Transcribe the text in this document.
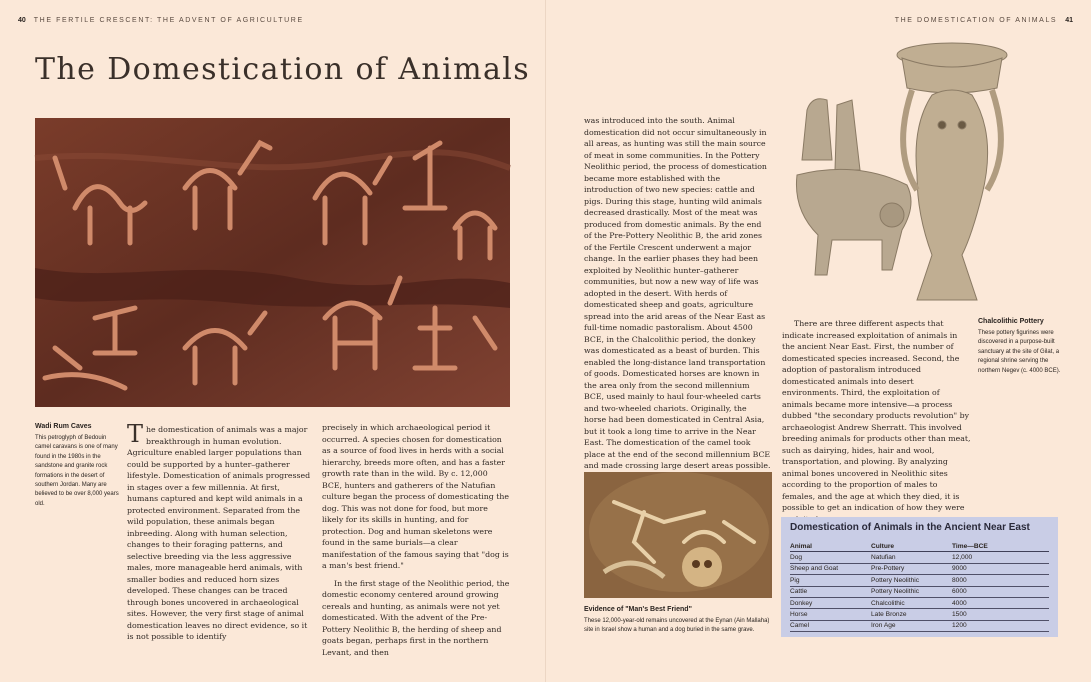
40 THE FERTILE CRESCENT: THE ADVENT OF AGRICULTURE	THE DOMESTICATION OF ANIMALS 41
The Domestication of Animals
Wadi Rum Caves
This petroglyph of Bedouin camel caravans is one of many found in the 1980s in the sandstone and granite rock formations in the desert of southern Jordan. Many are believed to be over 8,000 years old.

The domestication of animals was a major breakthrough in human evolution. Agriculture enabled larger populations than could be supported by a hunter–gatherer lifestyle. Domestication of animals progressed in stages over a few millennia. At first, humans captured and kept wild animals in a protected environment. Separated from the wild population, these animals began inbreeding. Along with human selection, changes to their foraging patterns, and selective breeding via the less aggressive males, more manageable herd animals, with smaller bodies and reduced horn sizes developed. These changes can be traced through bones uncovered in archaeological sites. However, the very first stage of animal domestication leaves no direct evidence, so it is not possible to identify

precisely in which archaeological period it occurred. A species chosen for domestication as a source of food lives in herds with a social hierarchy, breeds more often, and has a faster growth rate than in the wild. By c. 12,000 BCE, hunters and gatherers of the Natufian culture began the process of domesticating the dog. This was not done for food, but more likely for its skills in hunting, and for protection. Dog and human skeletons were found in the same burials—a clear manifestation of the famous saying that "dog is a man's best friend."

In the first stage of the Neolithic period, the domestic economy centered around growing cereals and hunting, as animals were not yet domesticated. With the advent of the Pre-Pottery Neolithic B, the herding of sheep and goats began, perhaps first in the northern Levant, and then

was introduced into the south. Animal domestication did not occur simultaneously in all areas, as hunting was still the main source of meat in some communities. In the Pottery Neolithic period, the process of domestication became more established with the introduction of two new species: cattle and pigs. During this stage, hunting wild animals decreased drastically. Most of the meat was produced from domestic animals. By the end of the Pre-Pottery Neolithic B, the arid zones of the Fertile Crescent underwent a major change. In the earlier phases they had been exploited by Neolithic hunter–gatherer communities, but now a new way of life was adopted in the desert. With herds of domesticated sheep and goats, agriculture spread into the arid areas of the Near East as full-time nomadic pastoralism. About 4500 BCE, in the Chalcolithic period, the donkey was domesticated as a beast of burden. This enabled the long-distance land transportation of goods. Domesticated horses are known in the area only from the second millennium BCE, used mainly to haul four-wheeled carts and two-wheeled chariots. Originally, the horse had been domesticated in Central Asia, but it took a long time to arrive in the Near East. The domestication of the camel took place at the end of the second millennium BCE and made crossing large desert areas possible.

Evidence of "Man's Best Friend"
These 12,000-year-old remains uncovered at the Eynan (Ain Mallaha) site in Israel show a human and a dog buried in the same grave.

There are three different aspects that indicate increased exploitation of animals in the ancient Near East. First, the number of domesticated species increased. Second, the adoption of pastoralism introduced domesticated animals into desert environments. Third, the exploitation of animals became more intensive—a process dubbed "the secondary products revolution" by archaeologist Andrew Sherratt. This involved breeding animals for products other than meat, such as dairying, hides, hair and wool, transportation, and plowing. By analyzing animal bones uncovered in Neolithic sites according to the proportion of males to females, and the age at which they died, it is possible to get an indication of how they were

Chalcolithic Pottery
These pottery figurines were discovered in a purpose-built sanctuary at the site of Gilat, a regional shrine serving the northern Negev (c. 4000 BCE).
Domestication of Animals in the Ancient Near East
Animal	Culture	Time—BCE
Dog	Natufian	12,000
Sheep and Goat	Pre-Pottery	9000
Pig	Pottery Neolithic	8000
Cattle	Pottery Neolithic	6000
Donkey	Chalcolithic	4000
Horse	Late Bronze	1500
Camel	Iron Age	1200
